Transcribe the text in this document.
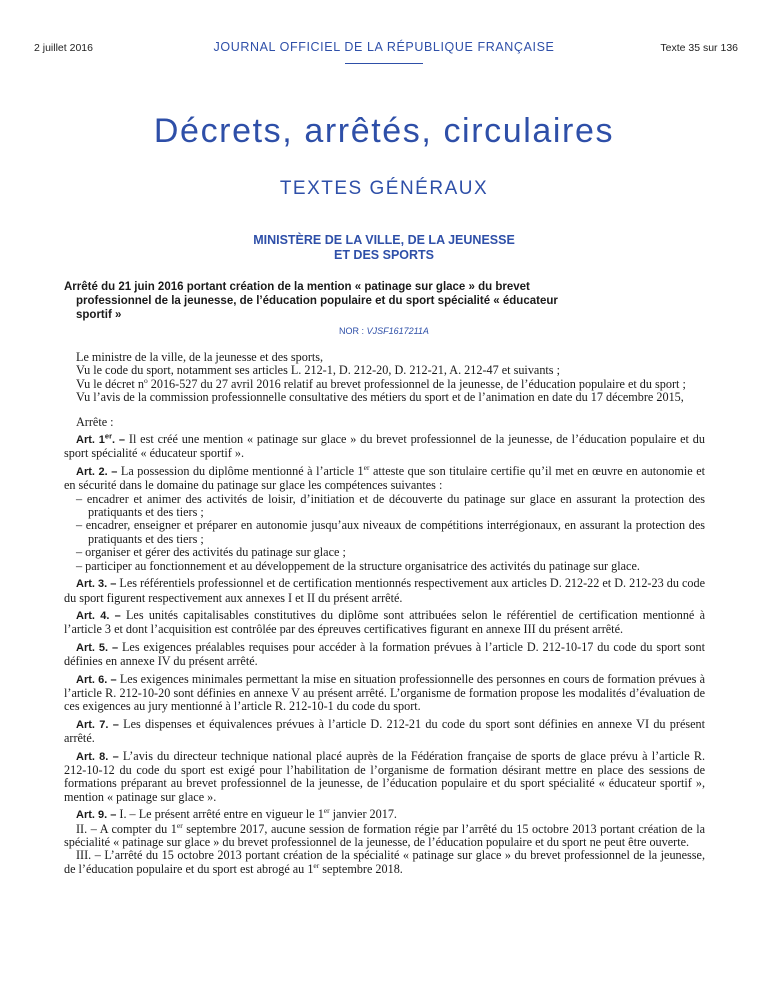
2 juillet 2016	JOURNAL OFFICIEL DE LA RÉPUBLIQUE FRANÇAISE	Texte 35 sur 136
Décrets, arrêtés, circulaires
TEXTES GÉNÉRAUX
MINISTÈRE DE LA VILLE, DE LA JEUNESSE
ET DES SPORTS
Arrêté du 21 juin 2016 portant création de la mention « patinage sur glace » du brevet
professionnel de la jeunesse, de l’éducation populaire et du sport spécialité « éducateur
sportif »
NOR : VJSF1617211A

Le ministre de la ville, de la jeunesse et des sports,

Vu le code du sport, notamment ses articles L. 212-1, D. 212-20, D. 212-21, A. 212-47 et suivants ;

Vu le décret $n^o$ 2016-527 du 27 avril 2016 relatif au brevet professionnel de la jeunesse, de l’éducation populaire et du sport ;

Vu l’avis de la commission professionnelle consultative des métiers du sport et de l’animation en date du 17 décembre 2015,

Arrête :

Art. 1er. – Il est créé une mention « patinage sur glace » du brevet professionnel de la jeunesse, de l’éducation populaire et du sport spécialité « éducateur sportif ».

Art. 2. – La possession du diplôme mentionné à l’article 1er atteste que son titulaire certifie qu’il met en œuvre en autonomie et en sécurité dans le domaine du patinage sur glace les compétences suivantes :

– encadrer et animer des activités de loisir, d’initiation et de découverte du patinage sur glace en assurant la protection des pratiquants et des tiers ;

– encadrer, enseigner et préparer en autonomie jusqu’aux niveaux de compétitions interrégionaux, en assurant la protection des pratiquants et des tiers ;

– organiser et gérer des activités du patinage sur glace ;

– participer au fonctionnement et au développement de la structure organisatrice des activités du patinage sur glace.

Art. 3. – Les référentiels professionnel et de certification mentionnés respectivement aux articles D. 212-22 et D. 212-23 du code du sport figurent respectivement aux annexes I et II du présent arrêté.

Art. 4. – Les unités capitalisables constitutives du diplôme sont attribuées selon le référentiel de certification mentionné à l’article 3 et dont l’acquisition est contrôlée par des épreuves certificatives figurant en annexe III du présent arrêté.

Art. 5. – Les exigences préalables requises pour accéder à la formation prévues à l’article D. 212-10-17 du code du sport sont définies en annexe IV du présent arrêté.

Art. 6. – Les exigences minimales permettant la mise en situation professionnelle des personnes en cours de formation prévues à l’article R. 212-10-20 sont définies en annexe V au présent arrêté. L’organisme de formation propose les modalités d’évaluation de ces exigences au jury mentionné à l’article R. 212-10-1 du code du sport.

Art. 7. – Les dispenses et équivalences prévues à l’article D. 212-21 du code du sport sont définies en annexe VI du présent arrêté.

Art. 8. – L’avis du directeur technique national placé auprès de la Fédération française de sports de glace prévu à l’article R. 212-10-12 du code du sport est exigé pour l’habilitation de l’organisme de formation désirant mettre en place des sessions de formations préparant au brevet professionnel de la jeunesse, de l’éducation populaire et du sport spécialité « éducateur sportif », mention « patinage sur glace ».

Art. 9. – I. – Le présent arrêté entre en vigueur le 1er janvier 2017.

II. – A compter du 1er septembre 2017, aucune session de formation régie par l’arrêté du 15 octobre 2013 portant création de la spécialité « patinage sur glace » du brevet professionnel de la jeunesse, de l’éducation populaire et du sport ne peut être ouverte.

III. – L’arrêté du 15 octobre 2013 portant création de la spécialité « patinage sur glace » du brevet professionnel de la jeunesse, de l’éducation populaire et du sport est abrogé au 1er septembre 2018.
